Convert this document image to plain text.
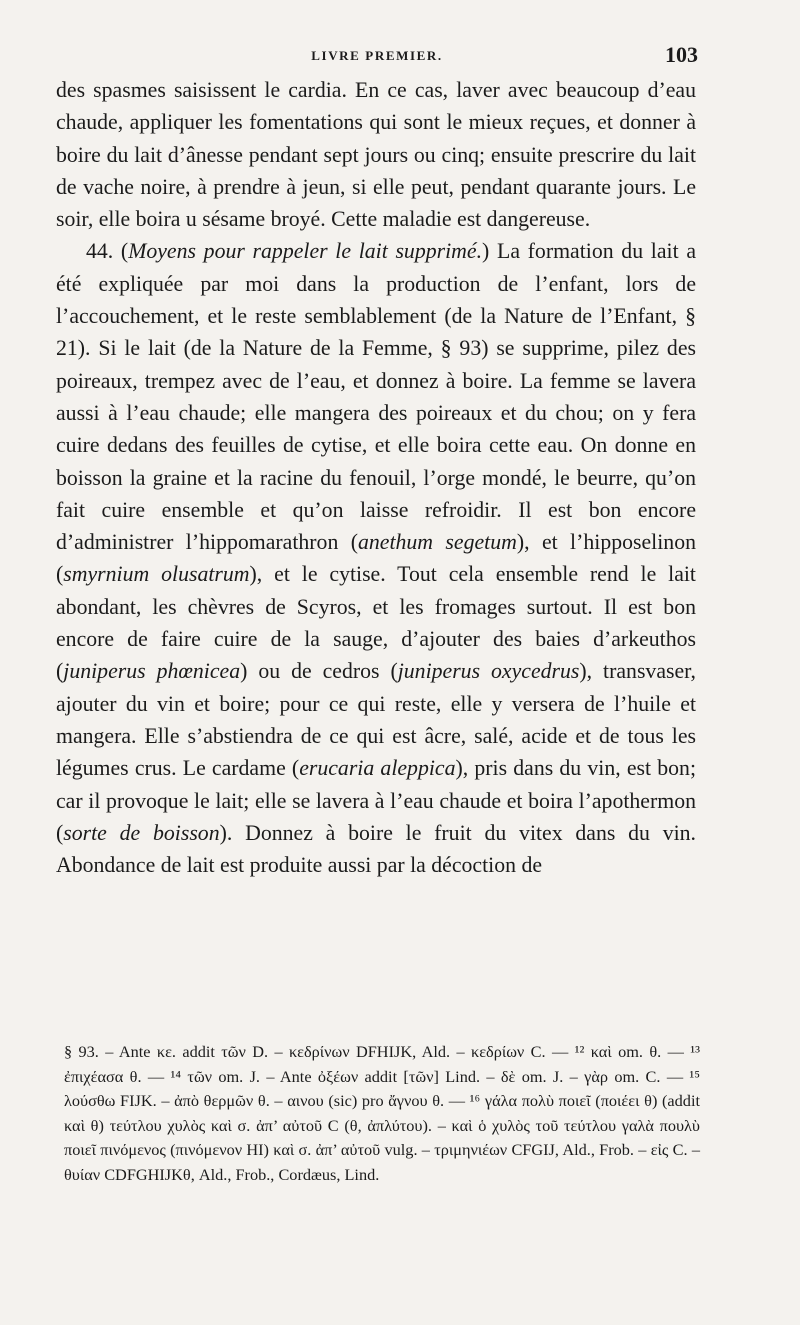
LIVRE PREMIER.	103

des spasmes saisissent le cardia. En ce cas, laver avec beaucoup d’eau chaude, appliquer les fomentations qui sont le mieux reçues, et donner à boire du lait d’ânesse pendant sept jours ou cinq; ensuite prescrire du lait de vache noire, à prendre à jeun, si elle peut, pendant quarante jours. Le soir, elle boira u sésame broyé. Cette maladie est dangereuse.

44. (Moyens pour rappeler le lait supprimé.) La formation du lait a été expliquée par moi dans la production de l’enfant, lors de l’accouchement, et le reste semblablement (de la Nature de l’Enfant, § 21). Si le lait (de la Nature de la Femme, § 93) se supprime, pilez des poireaux, trempez avec de l’eau, et donnez à boire. La femme se lavera aussi à l’eau chaude; elle mangera des poireaux et du chou; on y fera cuire dedans des feuilles de cytise, et elle boira cette eau. On donne en boisson la graine et la racine du fenouil, l’orge mondé, le beurre, qu’on fait cuire ensemble et qu’on laisse refroidir. Il est bon encore d’administrer l’hippomarathron (anethum segetum), et l’hipposelinon (smyrnium olusatrum), et le cytise. Tout cela ensemble rend le lait abondant, les chèvres de Scyros, et les fromages surtout. Il est bon encore de faire cuire de la sauge, d’ajouter des baies d’arkeuthos (juniperus phœnicea) ou de cedros (juniperus oxycedrus), transvaser, ajouter du vin et boire; pour ce qui reste, elle y versera de l’huile et mangera. Elle s’abstiendra de ce qui est âcre, salé, acide et de tous les légumes crus. Le cardame (erucaria aleppica), pris dans du vin, est bon; car il provoque le lait; elle se lavera à l’eau chaude et boira l’apothermon (sorte de boisson). Donnez à boire le fruit du vitex dans du vin. Abondance de lait est produite aussi par la décoction de

§ 93. – Ante κε. addit τῶν D. – κεδρίνων DFHIJK, Ald. – κεδρίων C. — ¹² καὶ om. θ. — ¹³ ἐπιχέασα θ. — ¹⁴ τῶν om. J. – Ante ὀξέων addit [τῶν] Lind. – δὲ om. J. – γὰρ om. C. — ¹⁵ λούσθω FIJK. – ἀπὸ θερμῶν θ. – αινου (sic) pro ἄγνου θ. — ¹⁶ γάλα πολὺ ποιεῖ (ποιέει θ) (addit καὶ θ) τεύτλου χυλὸς καὶ σ. ἀπ’ αὐτοῦ C (θ, ἀπλύτου). – καὶ ὁ χυλὸς τοῦ τεύτλου γαλὰ πουλὺ ποιεῖ πινόμενος (πινόμενον HI) καὶ σ. ἀπ’ αὐτοῦ vulg. – τριμηνιέων CFGIJ, Ald., Frob. – εἰς C. – θυίαν CDFGHIJKθ, Ald., Frob., Cordæus, Lind.
